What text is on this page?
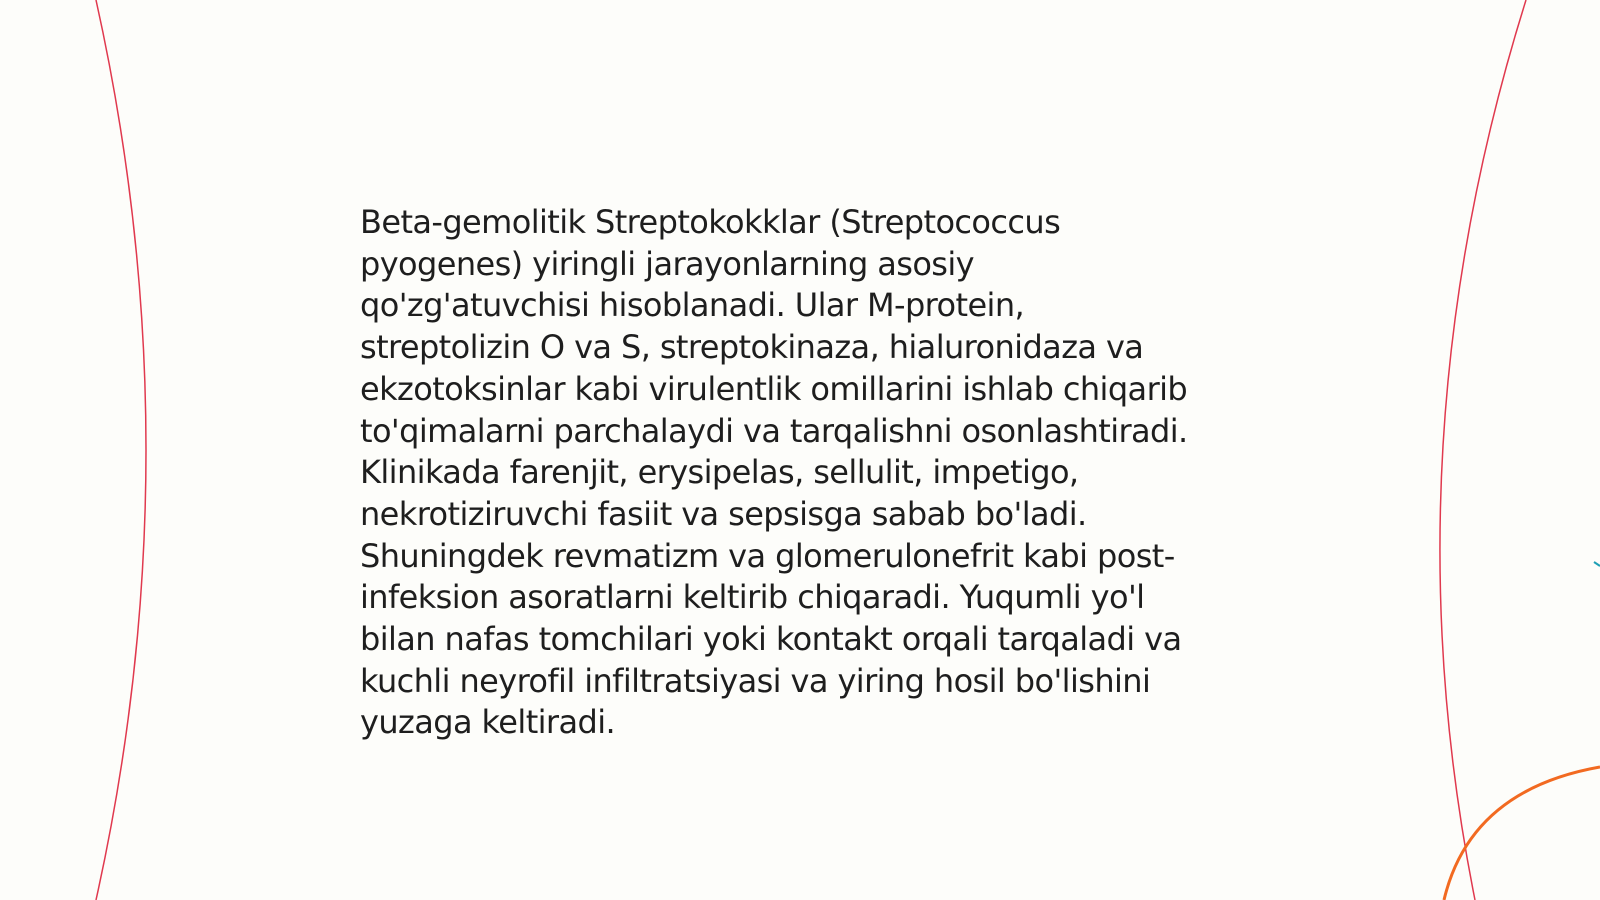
Beta-gemolitik Streptokokklar (Streptococcus
pyogenes) yiringli jarayonlarning asosiy
qo'zg'atuvchisi hisoblanadi. Ular M-protein,
streptolizin O va S, streptokinaza, hialuronidaza va
ekzotoksinlar kabi virulentlik omillarini ishlab chiqarib
to'qimalarni parchalaydi va tarqalishni osonlashtiradi.
Klinikada farenjit, erysipelas, sellulit, impetigo,
nekrotiziruvchi fasiit va sepsisga sabab bo'ladi.
Shuningdek revmatizm va glomerulonefrit kabi post-
infeksion asoratlarni keltirib chiqaradi. Yuqumli yo'l
bilan nafas tomchilari yoki kontakt orqali tarqaladi va
kuchli neyrofil infiltratsiyasi va yiring hosil bo'lishini
yuzaga keltiradi.
